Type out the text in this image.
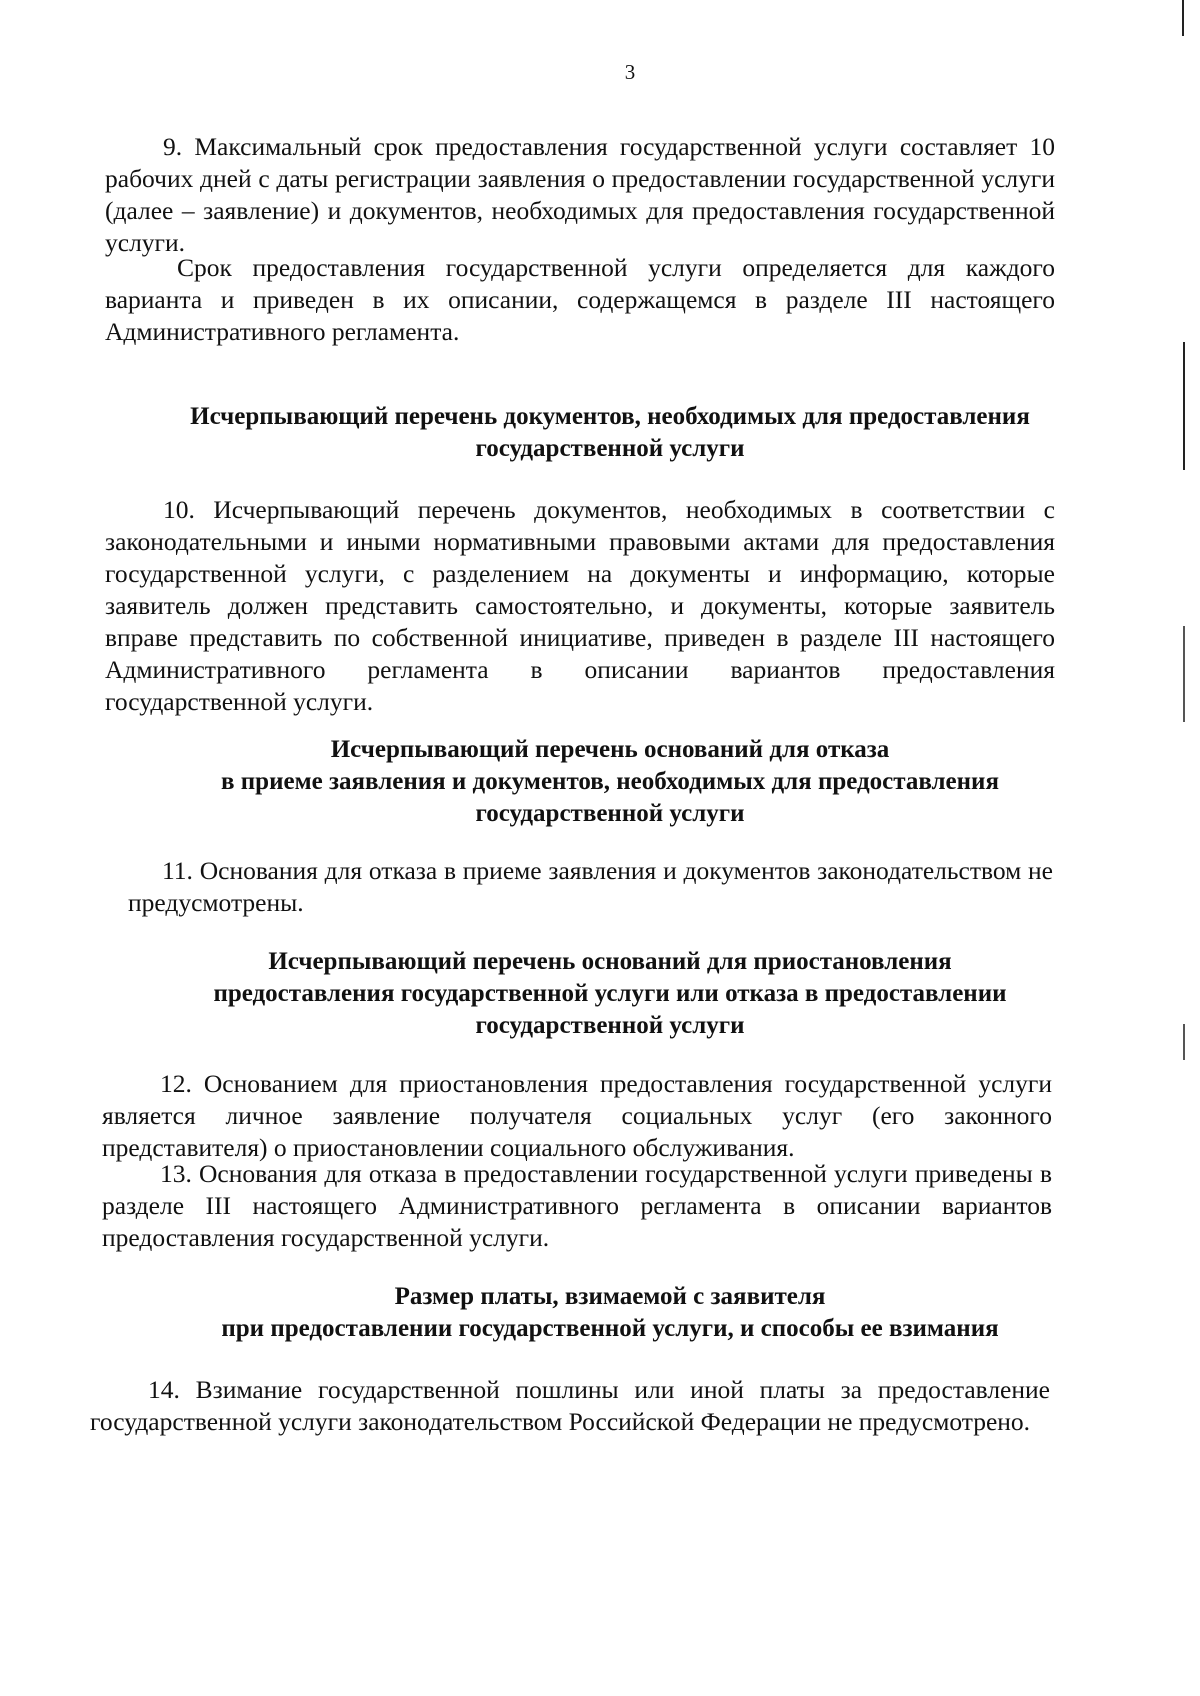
3

9. Максимальный срок предоставления государственной услуги составляет 10 рабочих дней с даты регистрации заявления о предоставлении государственной услуги (далее – заявление) и документов, необходимых для предоставления государственной услуги.

Срок предоставления государственной услуги определяется для каждого варианта и приведен в их описании, содержащемся в разделе III настоящего Административного регламента.

Исчерпывающий перечень документов, необходимых для предоставления
государственной услуги

10. Исчерпывающий перечень документов, необходимых в соответствии с законодательными и иными нормативными правовыми актами для предоставления государственной услуги, с разделением на документы и информацию, которые заявитель должен представить самостоятельно, и документы, которые заявитель вправе представить по собственной инициативе, приведен в разделе III настоящего Административного регламента в описании вариантов предоставления государственной услуги.

Исчерпывающий перечень оснований для отказа
в приеме заявления и документов, необходимых для предоставления
государственной услуги

11. Основания для отказа в приеме заявления и документов законодательством не предусмотрены.

Исчерпывающий перечень оснований для приостановления
предоставления государственной услуги или отказа в предоставлении
государственной услуги

12. Основанием для приостановления предоставления государственной услуги является личное заявление получателя социальных услуг (его законного представителя) о приостановлении социального обслуживания.

13. Основания для отказа в предоставлении государственной услуги приведены в разделе III настоящего Административного регламента в описании вариантов предоставления государственной услуги.

Размер платы, взимаемой с заявителя
при предоставлении государственной услуги, и способы ее взимания

14. Взимание государственной пошлины или иной платы за предоставление государственной услуги законодательством Российской Федерации не предусмотрено.
